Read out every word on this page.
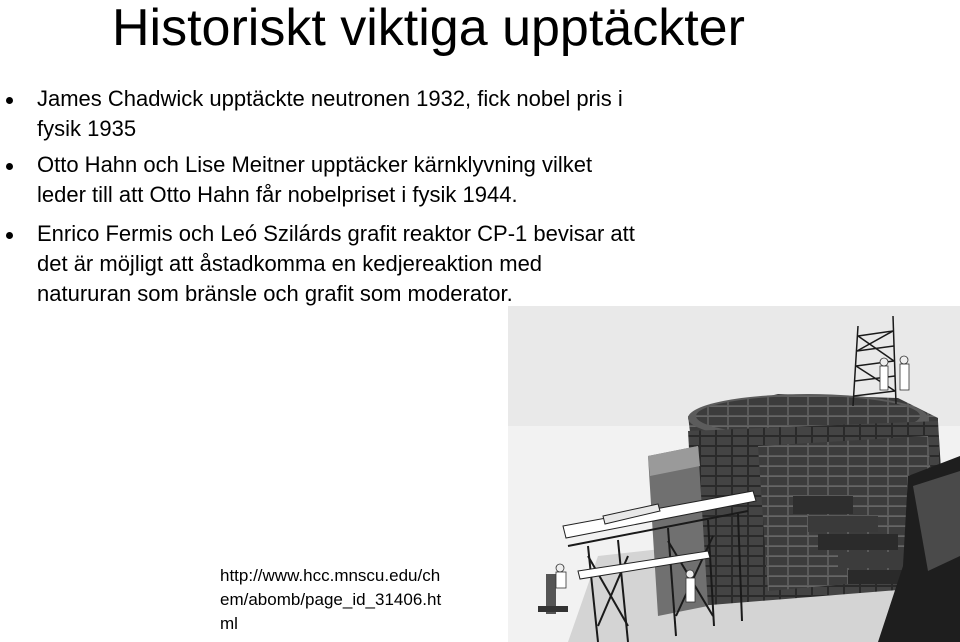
Historiskt viktiga upptäckter
James Chadwick upptäckte neutronen 1932, fick nobel pris i
fysik 1935
Otto Hahn och Lise Meitner upptäcker kärnklyvning vilket
leder till att Otto Hahn får nobelpriset i fysik 1944.
Enrico Fermis och Leó Szilárds grafit reaktor CP-1 bevisar att
det är möjligt att åstadkomma en kedjereaktion med
natururan som bränsle och grafit som moderator.
http://www.hcc.mnscu.edu/ch
em/abomb/page_id_31406.ht
ml
